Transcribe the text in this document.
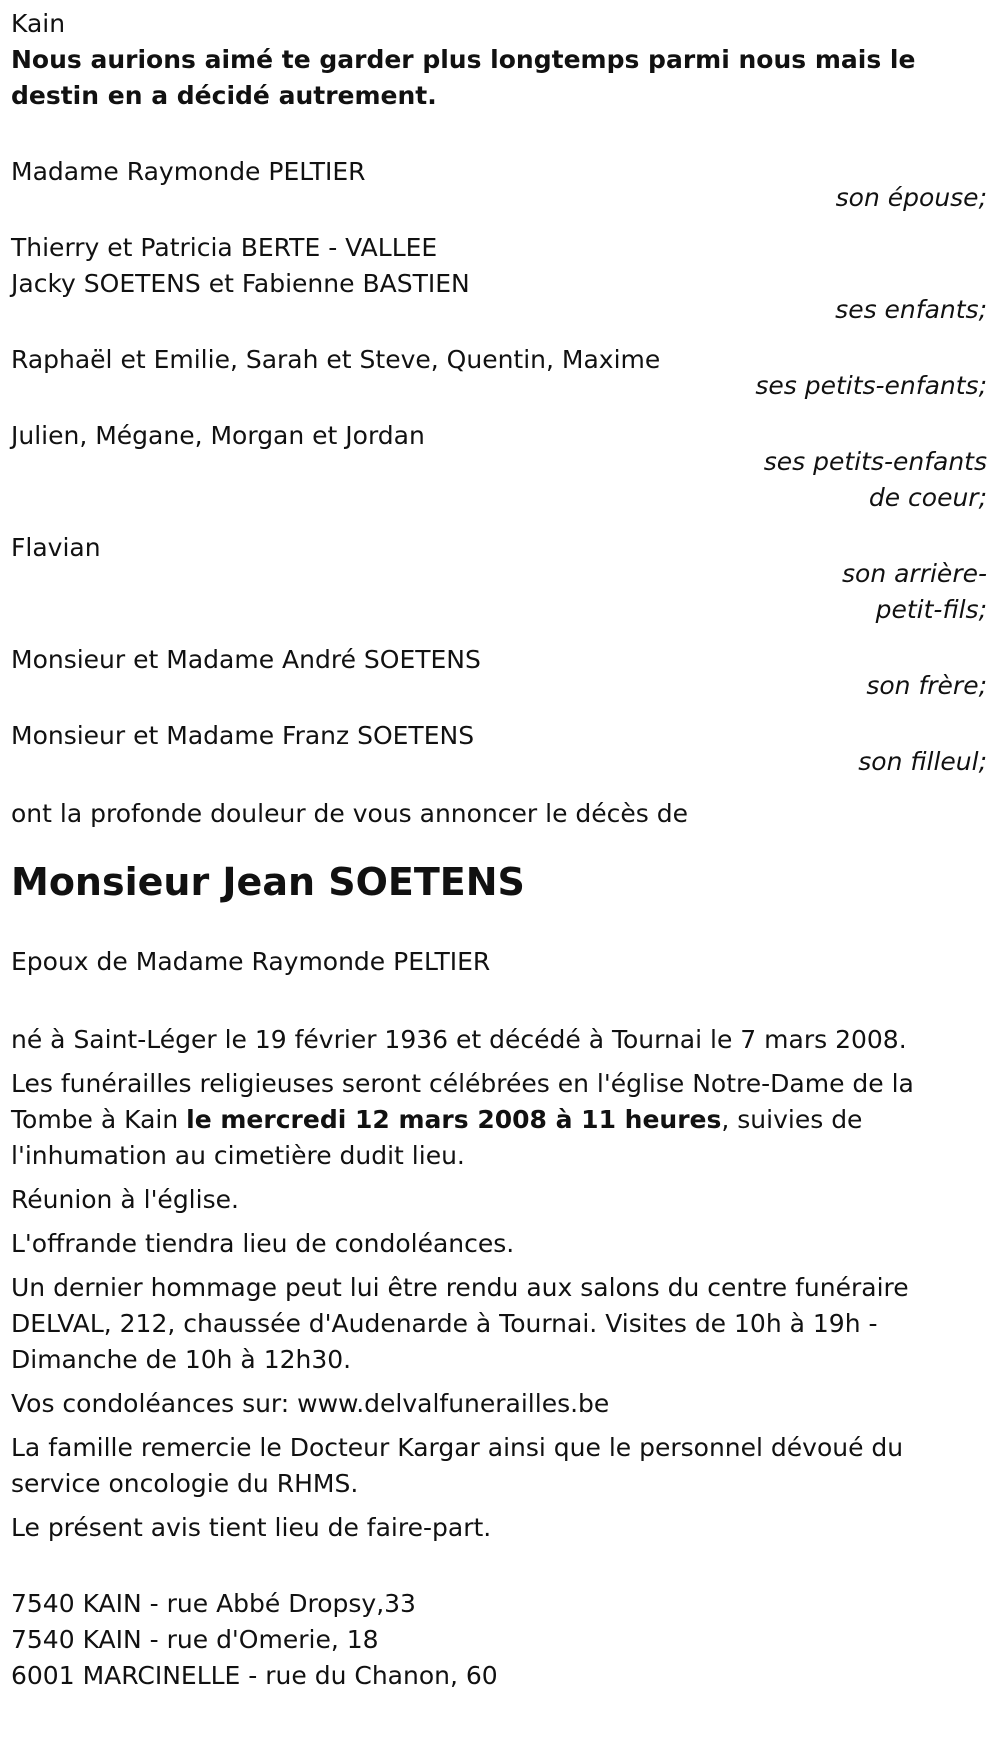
Kain

Nous aurions aimé te garder plus longtemps parmi nous mais le destin en a décidé autrement.

Madame Raymonde PELTIER

son épouse;

Thierry et Patricia BERTE - VALLEE

Jacky SOETENS et Fabienne BASTIEN

ses enfants;

Raphaël et Emilie, Sarah et Steve, Quentin, Maxime

ses petits-enfants;

Julien, Mégane, Morgan et Jordan

ses petits-enfants

de coeur;

Flavian

son arrière-

petit-fils;

Monsieur et Madame André SOETENS

son frère;

Monsieur et Madame Franz SOETENS

son filleul;

ont la profonde douleur de vous annoncer le décès de

Monsieur Jean SOETENS

Epoux de Madame Raymonde PELTIER

né à Saint-Léger le 19 février 1936 et décédé à Tournai le 7 mars 2008.

Les funérailles religieuses seront célébrées en l'église Notre-Dame de la Tombe à Kain le mercredi 12 mars 2008 à 11 heures, suivies de l'inhumation au cimetière dudit lieu.

Réunion à l'église.

L'offrande tiendra lieu de condoléances.

Un dernier hommage peut lui être rendu aux salons du centre funéraire DELVAL, 212, chaussée d'Audenarde à Tournai. Visites de 10h à 19h - Dimanche de 10h à 12h30.

Vos condoléances sur: www.delvalfunerailles.be

La famille remercie le Docteur Kargar ainsi que le personnel dévoué du service oncologie du RHMS.

Le présent avis tient lieu de faire-part.

7540 KAIN - rue Abbé Dropsy,33

7540 KAIN - rue d'Omerie, 18

6001 MARCINELLE - rue du Chanon, 60
